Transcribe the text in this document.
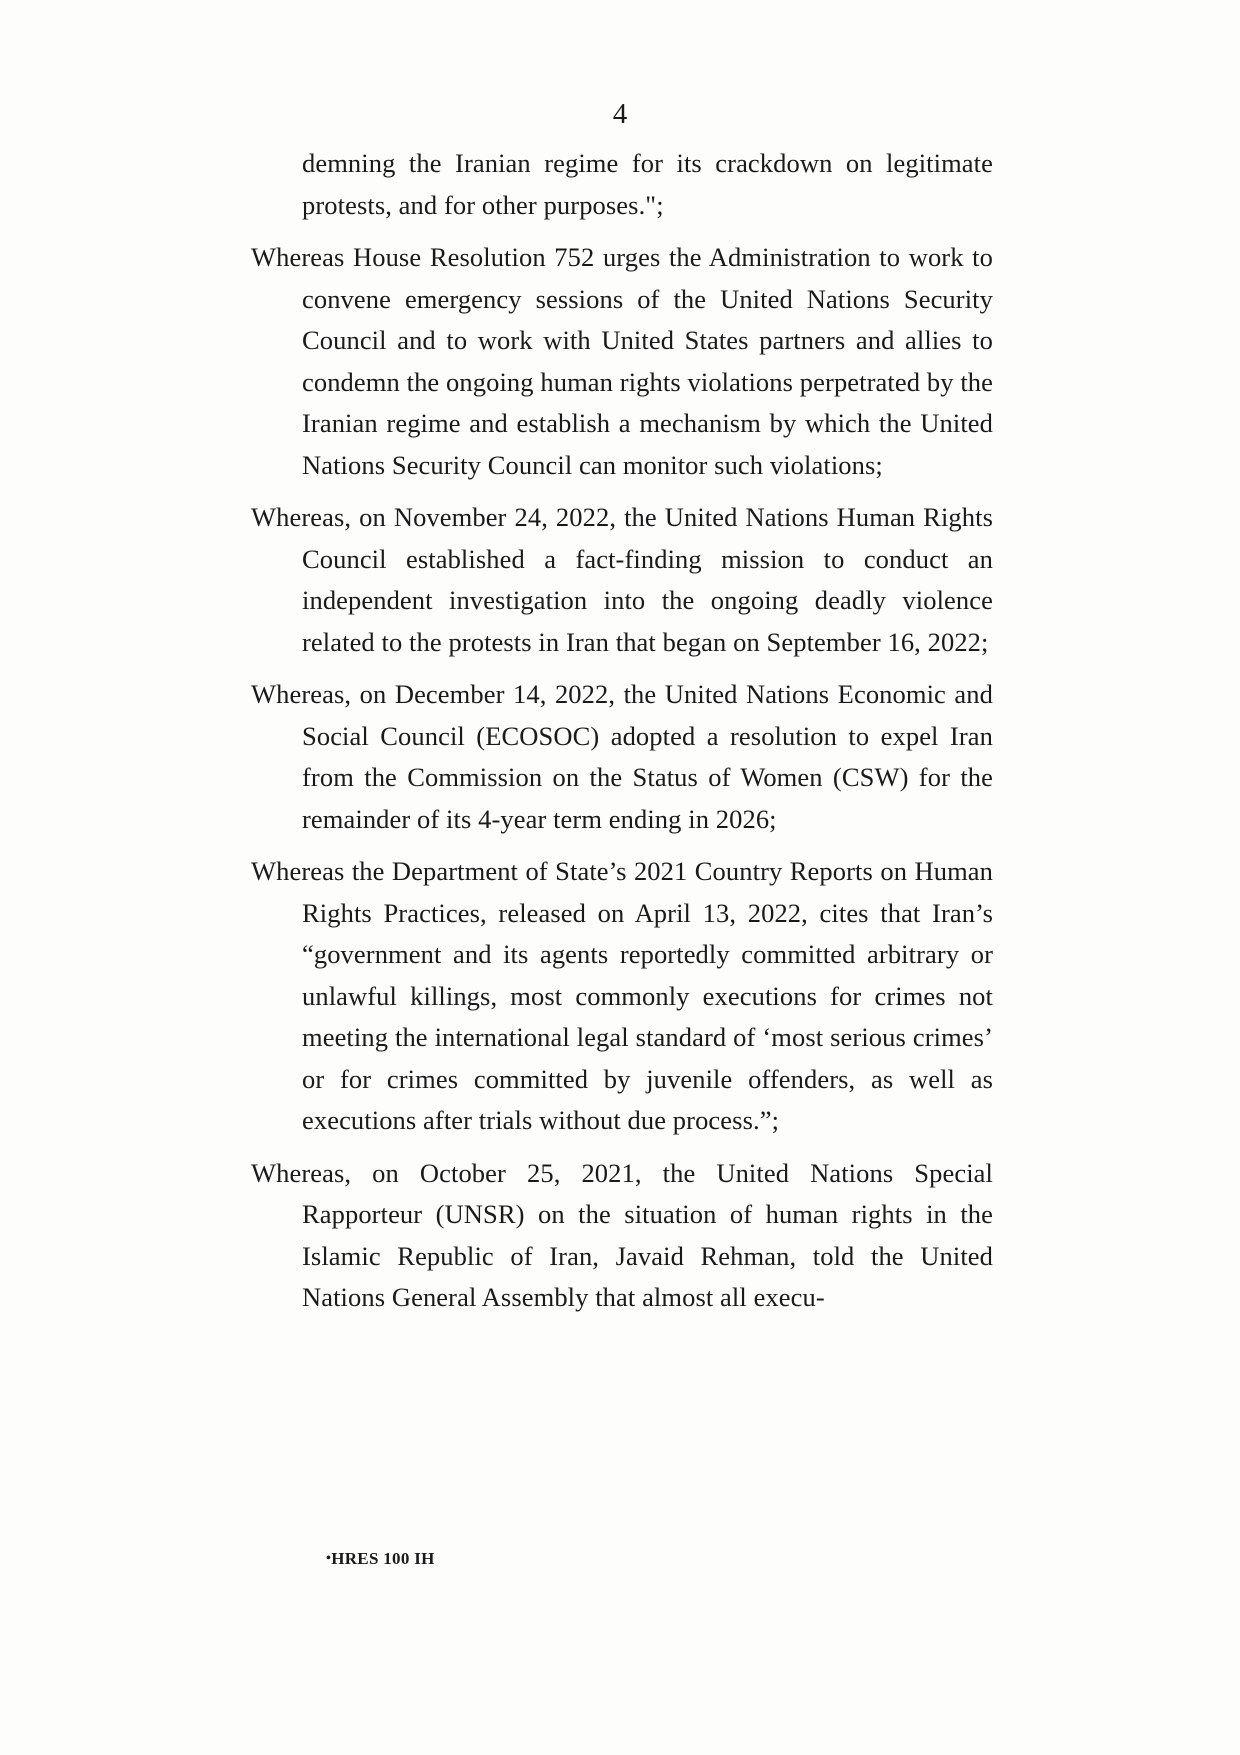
4

demning the Iranian regime for its crackdown on legitimate protests, and for other purposes.";

Whereas House Resolution 752 urges the Administration to work to convene emergency sessions of the United Nations Security Council and to work with United States partners and allies to condemn the ongoing human rights violations perpetrated by the Iranian regime and establish a mechanism by which the United Nations Security Council can monitor such violations;

Whereas, on November 24, 2022, the United Nations Human Rights Council established a fact-finding mission to conduct an independent investigation into the ongoing deadly violence related to the protests in Iran that began on September 16, 2022;

Whereas, on December 14, 2022, the United Nations Economic and Social Council (ECOSOC) adopted a resolution to expel Iran from the Commission on the Status of Women (CSW) for the remainder of its 4-year term ending in 2026;

Whereas the Department of State’s 2021 Country Reports on Human Rights Practices, released on April 13, 2022, cites that Iran’s “government and its agents reportedly committed arbitrary or unlawful killings, most commonly executions for crimes not meeting the international legal standard of ‘most serious crimes’ or for crimes committed by juvenile offenders, as well as executions after trials without due process.”;

Whereas, on October 25, 2021, the United Nations Special Rapporteur (UNSR) on the situation of human rights in the Islamic Republic of Iran, Javaid Rehman, told the United Nations General Assembly that almost all execu-

•HRES 100 IH
